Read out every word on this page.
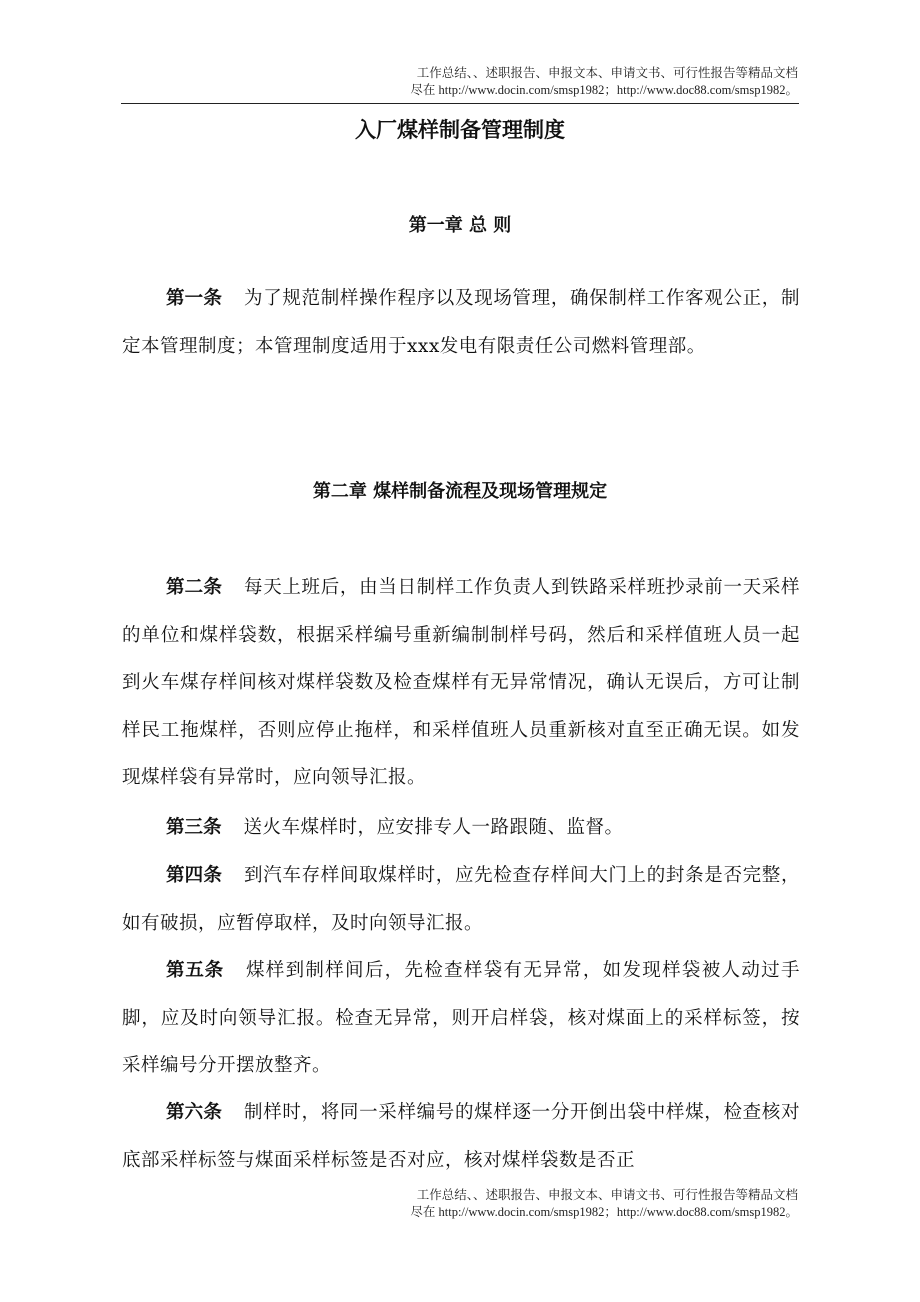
工作总结、、述职报告、申报文本、申请文书、可行性报告等精品文档
尽在 http://www.docin.com/smsp1982；http://www.doc88.com/smsp1982。
入厂煤样制备管理制度
第一章 总 则
第一条 为了规范制样操作程序以及现场管理，确保制样工作客观公正，制定本管理制度；本管理制度适用于xxx发电有限责任公司燃料管理部。
第二章 煤样制备流程及现场管理规定
第二条 每天上班后，由当日制样工作负责人到铁路采样班抄录前一天采样的单位和煤样袋数，根据采样编号重新编制制样号码，然后和采样值班人员一起到火车煤存样间核对煤样袋数及检查煤样有无异常情况，确认无误后，方可让制样民工拖煤样，否则应停止拖样，和采样值班人员重新核对直至正确无误。如发现煤样袋有异常时，应向领导汇报。
第三条 送火车煤样时，应安排专人一路跟随、监督。
第四条 到汽车存样间取煤样时，应先检查存样间大门上的封条是否完整，如有破损，应暂停取样，及时向领导汇报。
第五条 煤样到制样间后，先检查样袋有无异常，如发现样袋被人动过手脚，应及时向领导汇报。检查无异常，则开启样袋，核对煤面上的采样标签，按采样编号分开摆放整齐。
第六条 制样时，将同一采样编号的煤样逐一分开倒出袋中样煤，检查核对底部采样标签与煤面采样标签是否对应，核对煤样袋数是否正
工作总结、、述职报告、申报文本、申请文书、可行性报告等精品文档
尽在 http://www.docin.com/smsp1982；http://www.doc88.com/smsp1982。
